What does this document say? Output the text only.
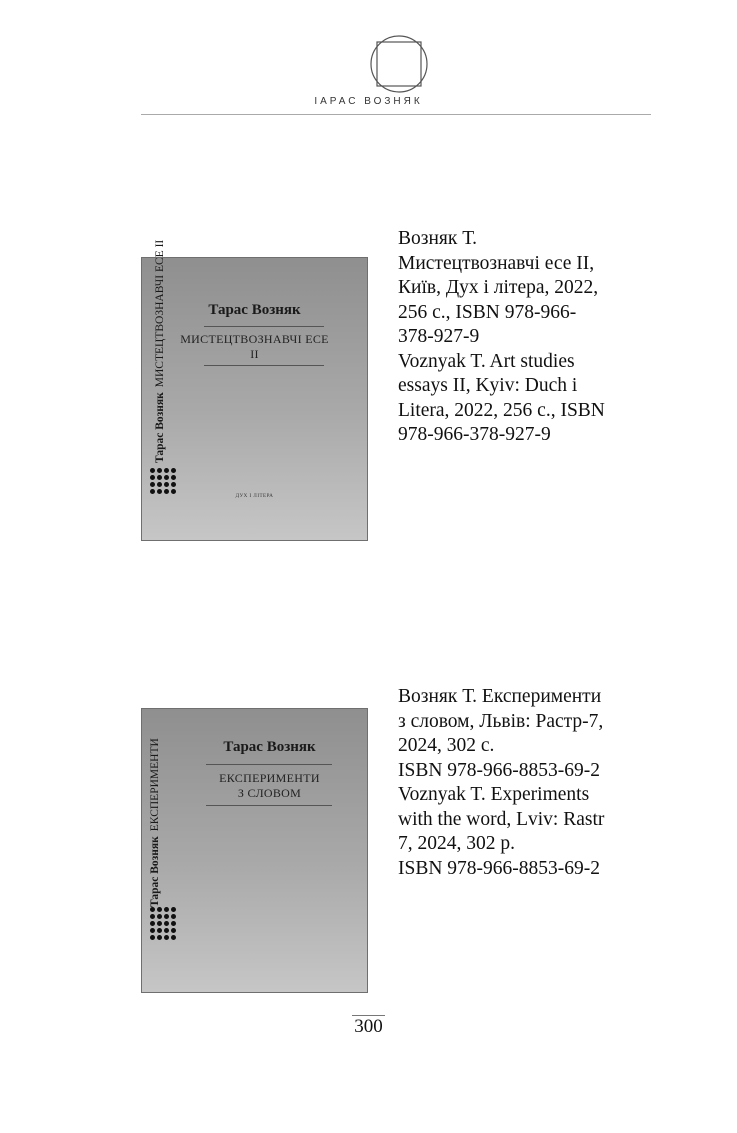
ІАРАС ВОЗНЯК
Тарас Возняк
МИСТЕЦТВОЗНАВЧІ ЕСЕ
II
Тарас ВознякМИСТЕЦТВОЗНАВЧІ ЕСЕ II
ДУХ І ЛІТЕРА
Возняк Т.
Мистецтвознавчі есе II,
Київ, Дух і літера, 2022,
256 с., ISBN 978-966-
378-927-9
Voznyak T. Art studies
essays II, Kyiv: Duch i
Litera, 2022, 256 c., ISBN
978-966-378-927-9
Тарас Возняк
ЕКСПЕРИМЕНТИ
З СЛОВОМ
Тарас ВознякЕКСПЕРИМЕНТИ
Возняк Т. Експерименти
з словом, Львів: Растр-7,
2024, 302 с.
ISBN 978-966-8853-69-2
Voznyak T. Experiments
with the word, Lviv: Rastr
7, 2024, 302 p.
ISBN 978-966-8853-69-2
300
